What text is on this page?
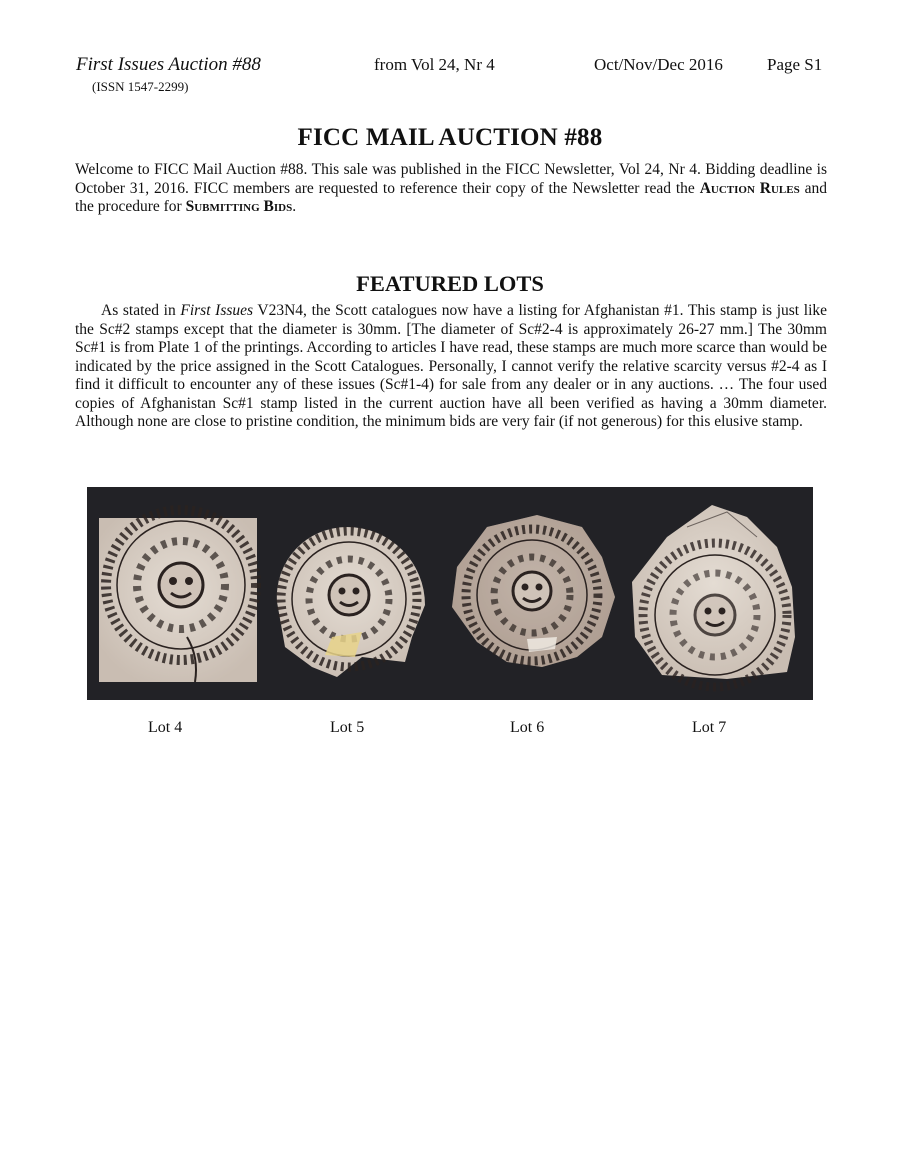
First Issues Auction #88	from Vol 24, Nr 4	Oct/Nov/Dec 2016	Page S1
(ISSN 1547-2299)
FICC MAIL AUCTION #88

Welcome to FICC Mail Auction #88. This sale was published in the FICC Newsletter, Vol 24, Nr 4. Bidding deadline is October 31, 2016. FICC members are requested to reference their copy of the Newsletter read the Auction Rules and the procedure for Submitting Bids.

FEATURED LOTS

As stated in First Issues V23N4, the Scott catalogues now have a listing for Afghanistan #1. This stamp is just like the Sc#2 stamps except that the diameter is 30mm. [The diameter of Sc#2-4 is approximately 26-27 mm.] The 30mm Sc#1 is from Plate 1 of the printings. According to articles I have read, these stamps are much more scarce than would be indicated by the price assigned in the Scott Catalogues. Personally, I cannot verify the relative scarcity versus #2-4 as I find it difficult to encounter any of these issues (Sc#1-4) for sale from any dealer or in any auctions. … The four used copies of Afghanistan Sc#1 stamp listed in the current auction have all been verified as having a 30mm diameter. Although none are close to pristine condition, the minimum bids are very fair (if not generous) for this elusive stamp.

Lot 4	Lot 5	Lot 6	Lot 7
